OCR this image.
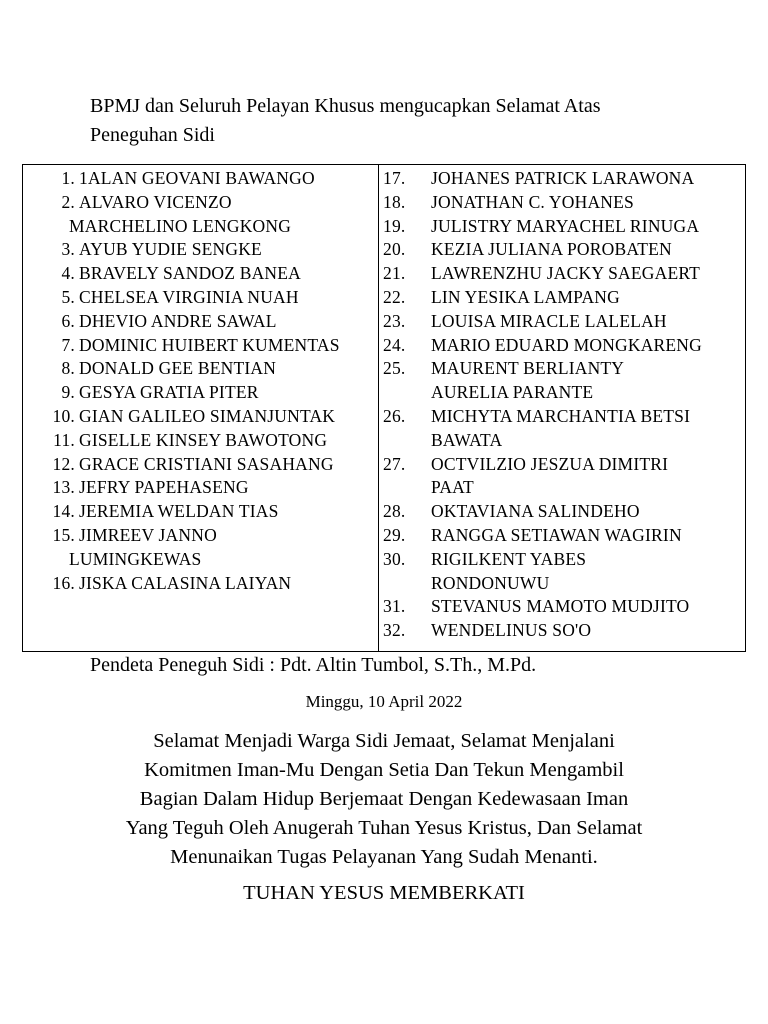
BPMJ dan Seluruh Pelayan Khusus mengucapkan Selamat Atas
Peneguhan Sidi
1. 1ALAN GEOVANI BAWANGO
2. ALVARO VICENZO
MARCHELINO LENGKONG
3. AYUB YUDIE SENGKE
4. BRAVELY SANDOZ BANEA
5. CHELSEA VIRGINIA NUAH
6. DHEVIO ANDRE SAWAL
7. DOMINIC HUIBERT KUMENTAS
8. DONALD GEE BENTIAN
9. GESYA GRATIA PITER
10. GIAN GALILEO SIMANJUNTAK
11. GISELLE KINSEY BAWOTONG
12. GRACE CRISTIANI SASAHANG
13. JEFRY PAPEHASENG
14. JEREMIA WELDAN TIAS
15. JIMREEV JANNO
LUMINGKEWAS
16. JISKA CALASINA LAIYAN
17. JOHANES PATRICK LARAWONA
18. JONATHAN C. YOHANES
19. JULISTRY MARYACHEL RINUGA
20. KEZIA JULIANA POROBATEN
21. LAWRENZHU JACKY SAEGAERT
22. LIN YESIKA LAMPANG
23. LOUISA MIRACLE LALELAH
24. MARIO EDUARD MONGKARENG
25. MAURENT BERLIANTY
AURELIA PARANTE
26. MICHYTA MARCHANTIA BETSI
BAWATA
27. OCTVILZIO JESZUA DIMITRI
PAAT
28. OKTAVIANA SALINDEHO
29. RANGGA SETIAWAN WAGIRIN
30. RIGILKENT YABES
RONDONUWU
31. STEVANUS MAMOTO MUDJITO
32. WENDELINUS SO'O
Pendeta Peneguh Sidi : Pdt. Altin Tumbol, S.Th., M.Pd.
Minggu, 10 April 2022
Selamat Menjadi Warga Sidi Jemaat, Selamat Menjalani
Komitmen Iman-Mu Dengan Setia Dan Tekun Mengambil
Bagian Dalam Hidup Berjemaat Dengan Kedewasaan Iman
Yang Teguh Oleh Anugerah Tuhan Yesus Kristus, Dan Selamat
Menunaikan Tugas Pelayanan Yang Sudah Menanti.
TUHAN YESUS MEMBERKATI
